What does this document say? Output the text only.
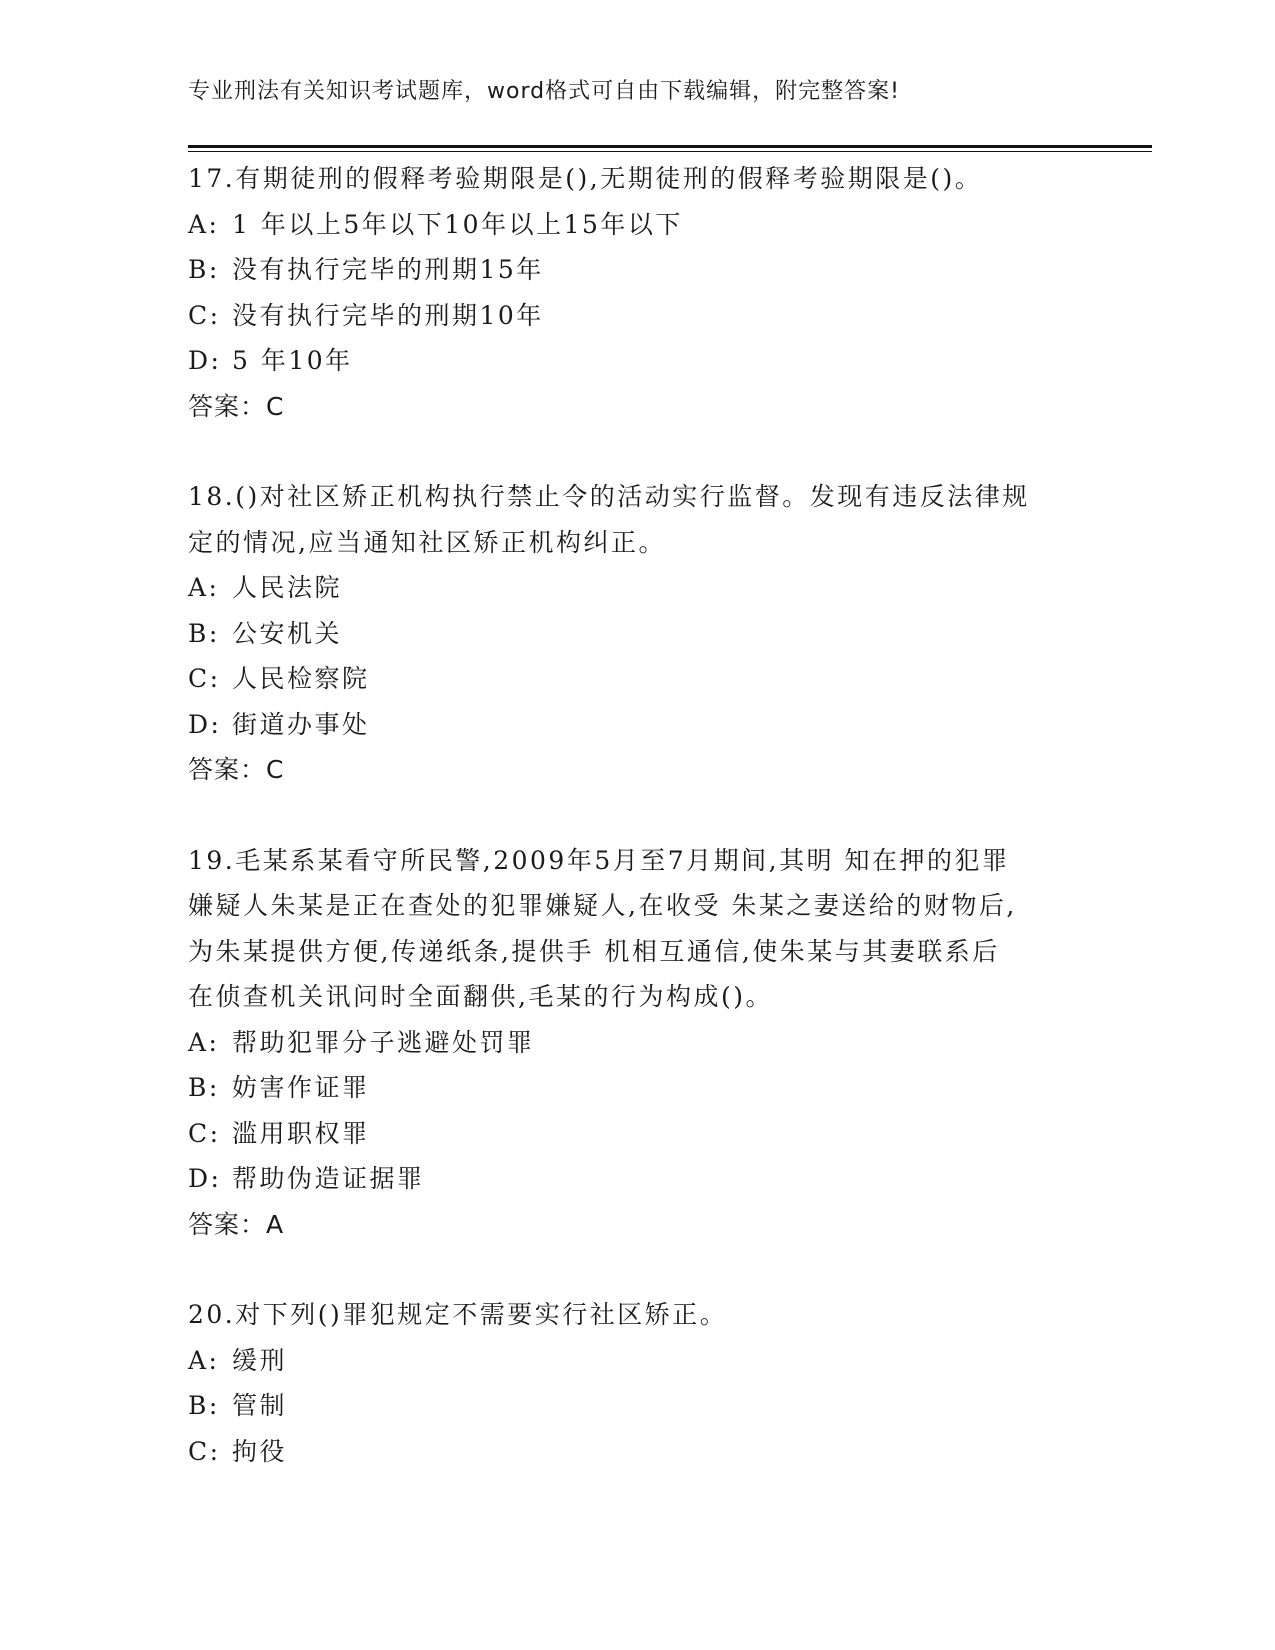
专业刑法有关知识考试题库，word格式可自由下载编辑，附完整答案!
17.有期徒刑的假释考验期限是(),无期徒刑的假释考验期限是()。
A: 1 年以上5年以下10年以上15年以下
B: 没有执行完毕的刑期15年
C: 没有执行完毕的刑期10年
D: 5 年10年
答案：C
18.()对社区矫正机构执行禁止令的活动实行监督。发现有违反法律规
定的情况,应当通知社区矫正机构纠正。
A: 人民法院
B: 公安机关
C: 人民检察院
D: 街道办事处
答案：C
19.毛某系某看守所民警,2009年5月至7月期间,其明 知在押的犯罪
嫌疑人朱某是正在查处的犯罪嫌疑人,在收受 朱某之妻送给的财物后,
为朱某提供方便,传递纸条,提供手 机相互通信,使朱某与其妻联系后
在侦查机关讯问时全面翻供,毛某的行为构成()。
A: 帮助犯罪分子逃避处罚罪
B: 妨害作证罪
C: 滥用职权罪
D: 帮助伪造证据罪
答案：A
20.对下列()罪犯规定不需要实行社区矫正。
A: 缓刑
B: 管制
C: 拘役
